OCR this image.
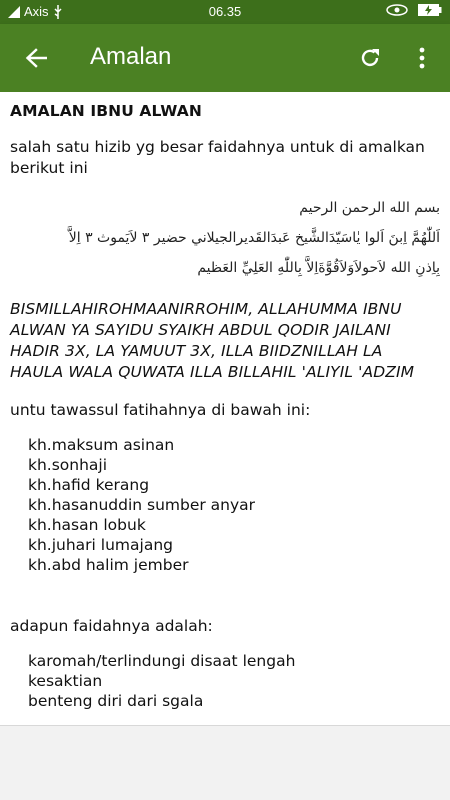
Axis	06.35
Amalan
AMALAN IBNU ALWAN
salah satu hizib yg besar faidahnya untuk di amalkan berikut ini
بسم الله الرحمن الرحيم
اَللّٰهُمَّ اِبنَ اَلوا يٰاسَيّدَالشَّيخ عَبدَالقَديرالجيلاني حضير ٣ لاَيَموث ٣ اِلاَّ
بِاِذنِ الله لاَحولاَوَلاَقُوَّةَاِلاَّ بِاللّٰهِ العَلِيِّ العَظيم
BISMILLAHIROHMAANIRROHIM, ALLAHUMMA IBNU ALWAN YA SAYIDU SYAIKH ABDUL QODIR JAILANI HADIR 3X, LA YAMUUT 3X, ILLA BIIDZNILLAH LA HAULA WALA QUWATA ILLA BILLAHIL 'ALIYIL 'ADZIM
untu tawassul fatihahnya di bawah ini:
kh.maksum asinan
kh.sonhaji
kh.hafid kerang
kh.hasanuddin sumber anyar
kh.hasan lobuk
kh.juhari lumajang
kh.abd halim jember
adapun faidahnya adalah:
karomah/terlindungi disaat lengah
kesaktian
benteng diri dari sgala
